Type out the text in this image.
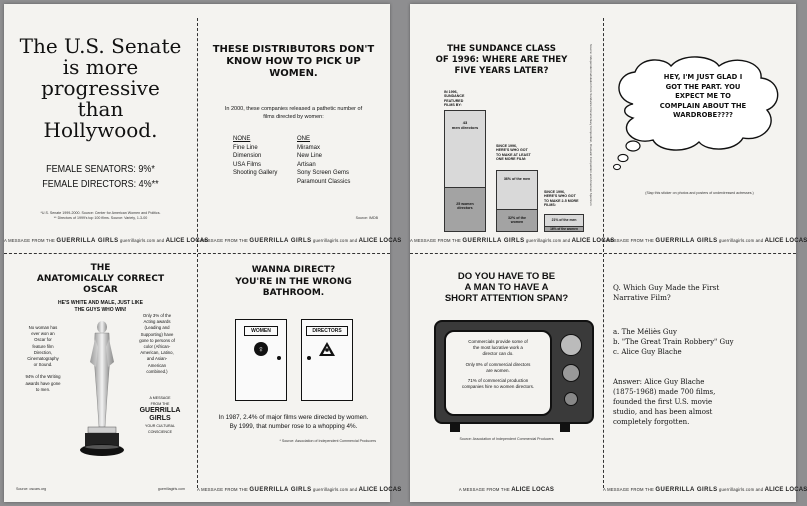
The U.S. Senate
is more
progressive
than
Hollywood.
FEMALE SENATORS: 9%*
FEMALE DIRECTORS: 4%**
*U.S. Senate 1999-2000. Source: Center for American Women and Politics.
** Directors of 1999's top 100 films. Source: Variety, 1-3-00
A MESSAGE FROM THE GUERRILLA GIRLS guerrillagirls.com and ALICE LOCAS
THESE DISTRIBUTORS DON'T
KNOW HOW TO PICK UP
WOMEN.
In 2000, these companies released a pathetic number of
films directed by women:
NONE
Fine Line
Dimension
USA Films
Shooting Gallery
ONE
Miramax
New Line
Artisan
Sony Screen Gems
Paramount Classics
Source: IMDB
A MESSAGE FROM THE GUERRILLA GIRLS guerrillagirls.com and ALICE LOCAS
THE
ANATOMICALLY CORRECT
OSCAR
HE'S WHITE AND MALE, JUST LIKE
THE GUYS WHO WIN!
No woman has
ever won an
Oscar for
feature film
Direction,
Cinematography
or Sound.
94% of the Writing
awards have gone
to men.
Only 3% of the
Acting awards
(Leading and
Supporting) have
gone to persons of
color (African-
American, Latino,
and Asian-
American
combined.)
A MESSAGE
FROM THE
GUERRILLA
GIRLS
YOUR CULTURAL
CONSCIENCE
Source: oscars.org	guerrillagirls.com
WANNA DIRECT?
YOU'RE IN THE WRONG
BATHROOM.
WOMEN
♀
DIRECTORS
In 1987, 2.4% of major films were directed by women.
By 1999, that number rose to a whopping 4%.
* Source: Association of Independent Commercial Producers
A MESSAGE FROM THE GUERRILLA GIRLS guerrillagirls.com and ALICE LOCAS
THE SUNDANCE CLASS
OF 1996: WHERE ARE THEY
FIVE YEARS LATER?
IN 1996,
SUNDANCE
FEATURED
FILMS BY:
43
men directors
25 women
directors
SINCE 1996,
HERE'S WHO GOT
TO MAKE AT LEAST
ONE MORE FILM:
36% of the men
32% of the
women
SINCE 1996,
HERE'S WHO GOT
TO MAKE 2-5 MORE
FILMS:
21% of the men
16% of the women
Source: independent tabulation from Sundance Documentary Competition, Dramatic Competition and American Spectrum
A MESSAGE FROM THE GUERRILLA GIRLS guerrillagirls.com and ALICE LOCAS
HEY, I'M JUST GLAD I
GOT THE PART. YOU
EXPECT ME TO
COMPLAIN ABOUT THE
WARDROBE????
(Slap this sticker on photos and posters of underdressed actresses.)
A MESSAGE FROM THE GUERRILLA GIRLS guerrillagirls.com and ALICE LOCAS
DO YOU HAVE TO BE
A MAN TO HAVE A
SHORT ATTENTION SPAN?
Commercials provide some of
the most lucrative work a
director can do.
Only 8% of commercial directors
are women.
71% of commercial production
companies hire no women directors.
Source: Association of Independent Commercial Producers
A MESSAGE FROM THE ALICE LOCAS
Q. Which Guy Made the First
Narrative Film?
a. The Méliès Guy
b. "The Great Train Robbery" Guy
c. Alice Guy Blache
Answer: Alice Guy Blache
(1875-1968) made 700 films,
founded the first U.S. movie
studio, and has been almost
completely forgotten.
A MESSAGE FROM THE GUERRILLA GIRLS guerrillagirls.com and ALICE LOCAS
